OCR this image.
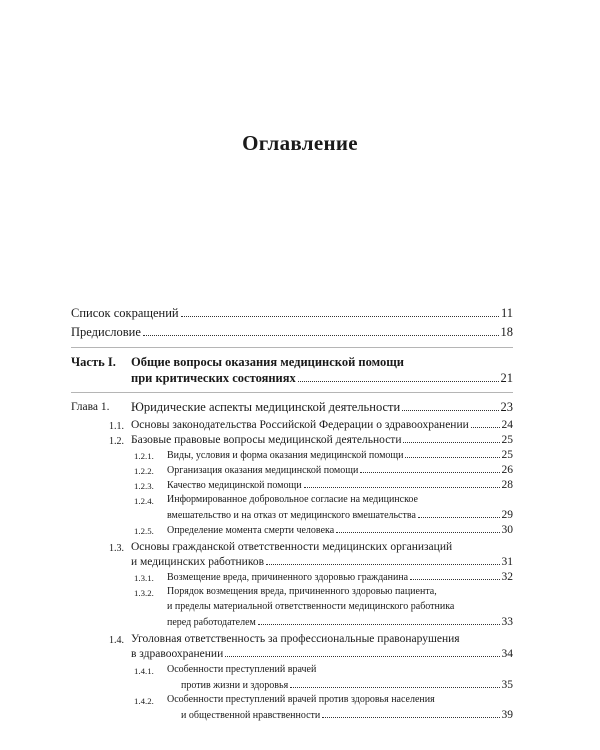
Оглавление
Список сокращений	11
Предисловие	18
Часть I. Общие вопросы оказания медицинской помощи
при критических состояниях	21
Глава 1. Юридические аспекты медицинской деятельности	23
1.1. Основы законодательства Российской Федерации о здравоохранении	24
1.2. Базовые правовые вопросы медицинской деятельности	25
1.2.1. Виды, условия и форма оказания медицинской помощи	25
1.2.2. Организация оказания медицинской помощи	26
1.2.3. Качество медицинской помощи	28
1.2.4. Информированное добровольное согласие на медицинское
вмешательство и на отказ от медицинского вмешательства	29
1.2.5. Определение момента смерти человека	30
1.3. Основы гражданской ответственности медицинских организаций
и медицинских работников	31
1.3.1. Возмещение вреда, причиненного здоровью гражданина	32
1.3.2. Порядок возмещения вреда, причиненного здоровью пациента,
и пределы материальной ответственности медицинского работника
перед работодателем	33
1.4. Уголовная ответственность за профессиональные правонарушения
в здравоохранении	34
1.4.1. Особенности преступлений врачей
против жизни и здоровья	35
1.4.2. Особенности преступлений врачей против здоровья населения
и общественной нравственности	39
